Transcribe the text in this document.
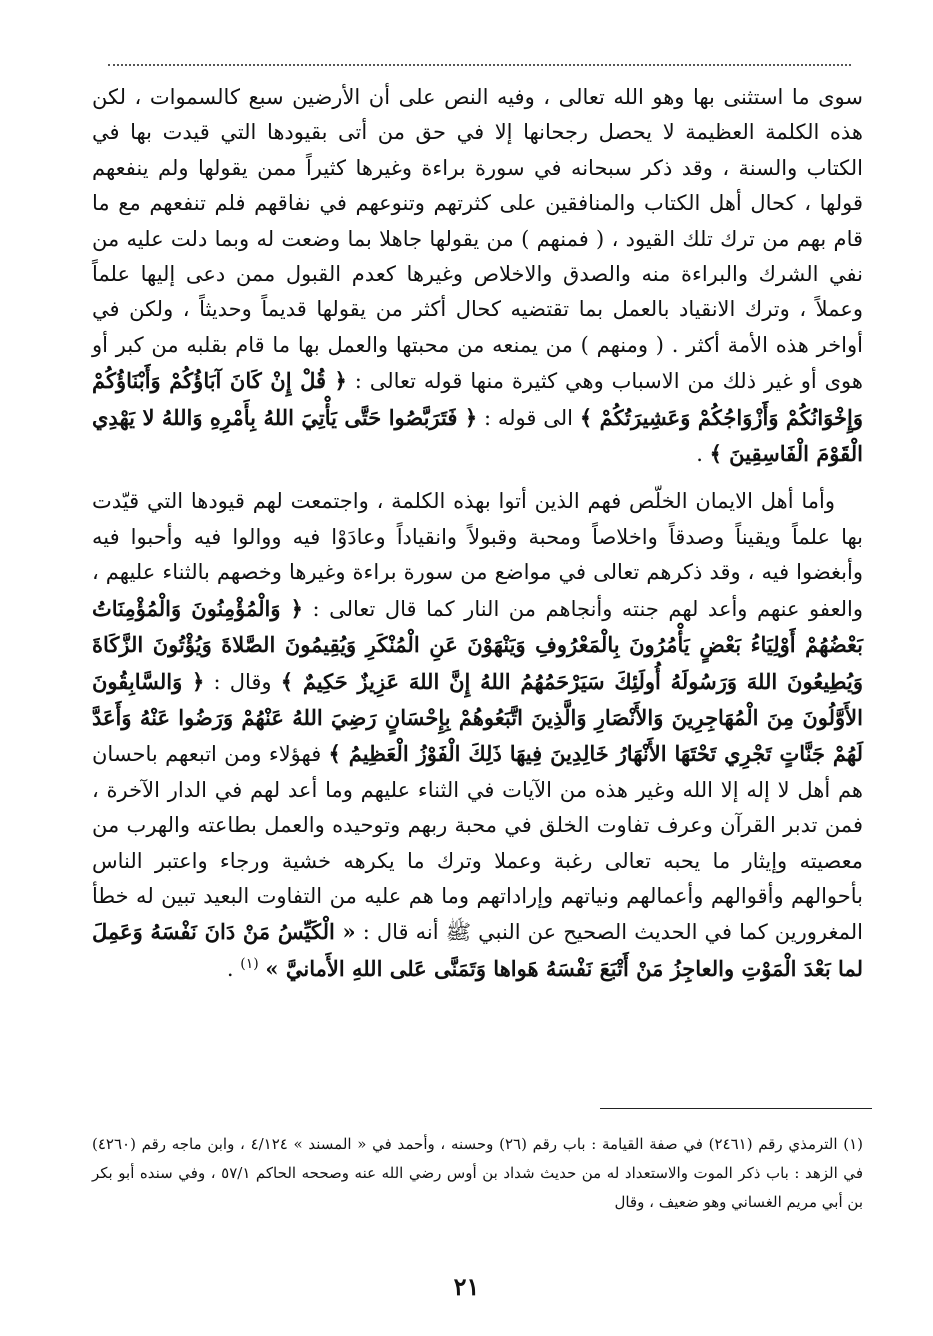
سوى ما استثنى بها وهو الله تعالى ، وفيه النص على أن الأرضين سبع كالسموات ، لكن هذه الكلمة العظيمة لا يحصل رجحانها إلا في حق من أتى بقيودها التي قيدت بها في الكتاب والسنة ، وقد ذكر سبحانه في سورة براءة وغيرها كثيراً ممن يقولها ولم ينفعهم قولها ، كحال أهل الكتاب والمنافقين على كثرتهم وتنوعهم في نفاقهم فلم تنفعهم مع ما قام بهم من ترك تلك القيود ، ( فمنهم ) من يقولها جاهلا بما وضعت له وبما دلت عليه من نفي الشرك والبراءة منه والصدق والاخلاص وغيرها كعدم القبول ممن دعى إليها علماً وعملاً ، وترك الانقياد بالعمل بما تقتضيه كحال أكثر من يقولها قديماً وحديثاً ، ولكن في أواخر هذه الأمة أكثر . ( ومنهم ) من يمنعه من محبتها والعمل بها ما قام بقلبه من كبر أو هوى أو غير ذلك من الاسباب وهي كثيرة منها قوله تعالى : ﴿ قُلْ إِنْ كَانَ آبَاؤُكُمْ وَأَبْنَاؤُكُمْ وَإِخْوَانُكُمْ وَأَزْوَاجُكُمْ وَعَشِيرَتُكُمْ ﴾ الى قوله : ﴿ فَتَرَبَّصُوا حَتَّى يَأْتِيَ اللهُ بِأَمْرِهِ وَاللهُ لا يَهْدِي الْقَوْمَ الْفَاسِقِينَ ﴾ .

وأما أهل الايمان الخلّص فهم الذين أتوا بهذه الكلمة ، واجتمعت لهم قيودها التي قيّدت بها علماً ويقيناً وصدقاً واخلاصاً ومحبة وقبولاً وانقياداً وعادَوْا فيه ووالوا فيه وأحبوا فيه وأبغضوا فيه ، وقد ذكرهم تعالى في مواضع من سورة براءة وغيرها وخصهم بالثناء عليهم ، والعفو عنهم وأعد لهم جنته وأنجاهم من النار كما قال تعالى : ﴿ وَالْمُؤْمِنُونَ وَالْمُؤْمِنَاتُ بَعْضُهُمْ أَوْلِيَاءُ بَعْضٍ يَأْمُرُونَ بِالْمَعْرُوفِ وَيَنْهَوْنَ عَنِ الْمُنْكَرِ وَيُقِيمُونَ الصَّلاةَ وَيُؤْتُونَ الزَّكَاةَ وَيُطِيعُونَ اللهَ وَرَسُولَهُ أُولَئِكَ سَيَرْحَمُهُمُ اللهُ إِنَّ اللهَ عَزِيزٌ حَكِيمٌ ﴾ وقال : ﴿ وَالسَّابِقُونَ الأَوَّلُونَ مِنَ الْمُهَاجِرِينَ وَالأَنْصَارِ وَالَّذِينَ اتَّبَعُوهُمْ بِإِحْسَانٍ رَضِيَ اللهُ عَنْهُمْ وَرَضُوا عَنْهُ وَأَعَدَّ لَهُمْ جَنَّاتٍ تَجْرِي تَحْتَهَا الأَنْهَارُ خَالِدِينَ فِيهَا ذَلِكَ الْفَوْزُ الْعَظِيمُ ﴾ فهؤلاء ومن اتبعهم باحسان هم أهل لا إله إلا الله وغير هذه من الآيات في الثناء عليهم وما أعد لهم في الدار الآخرة ، فمن تدبر القرآن وعرف تفاوت الخلق في محبة ربهم وتوحيده والعمل بطاعته والهرب من معصيته وإيثار ما يحبه تعالى رغبة وعملا وترك ما يكرهه خشية ورجاء واعتبر الناس بأحوالهم وأقوالهم وأعمالهم ونياتهم وإراداتهم وما هم عليه من التفاوت البعيد تبين له خطأ المغرورين كما في الحديث الصحيح عن النبي ﷺ أنه قال : « الْكَيِّسُ مَنْ دَانَ نَفْسَهُ وَعَمِلَ لما بَعْدَ الْمَوْتِ والعاجِزُ مَنْ أَتْبَعَ نَفْسَهُ هَواها وَتَمَنَّى عَلى اللهِ الأَمانيَّ » $^{(١)}$ .

(١) الترمذي رقم (٢٤٦١) في صفة القيامة : باب رقم (٢٦) وحسنه ، وأحمد في « المسند » ٤/١٢٤ ، وابن ماجه رقم (٤٢٦٠) في الزهد : باب ذكر الموت والاستعداد له من حديث شداد بن أوس رضي الله عنه وصححه الحاكم ٥٧/١ ، وفي سنده أبو بكر بن أبي مريم الغساني وهو ضعيف ، وقال

٢١
